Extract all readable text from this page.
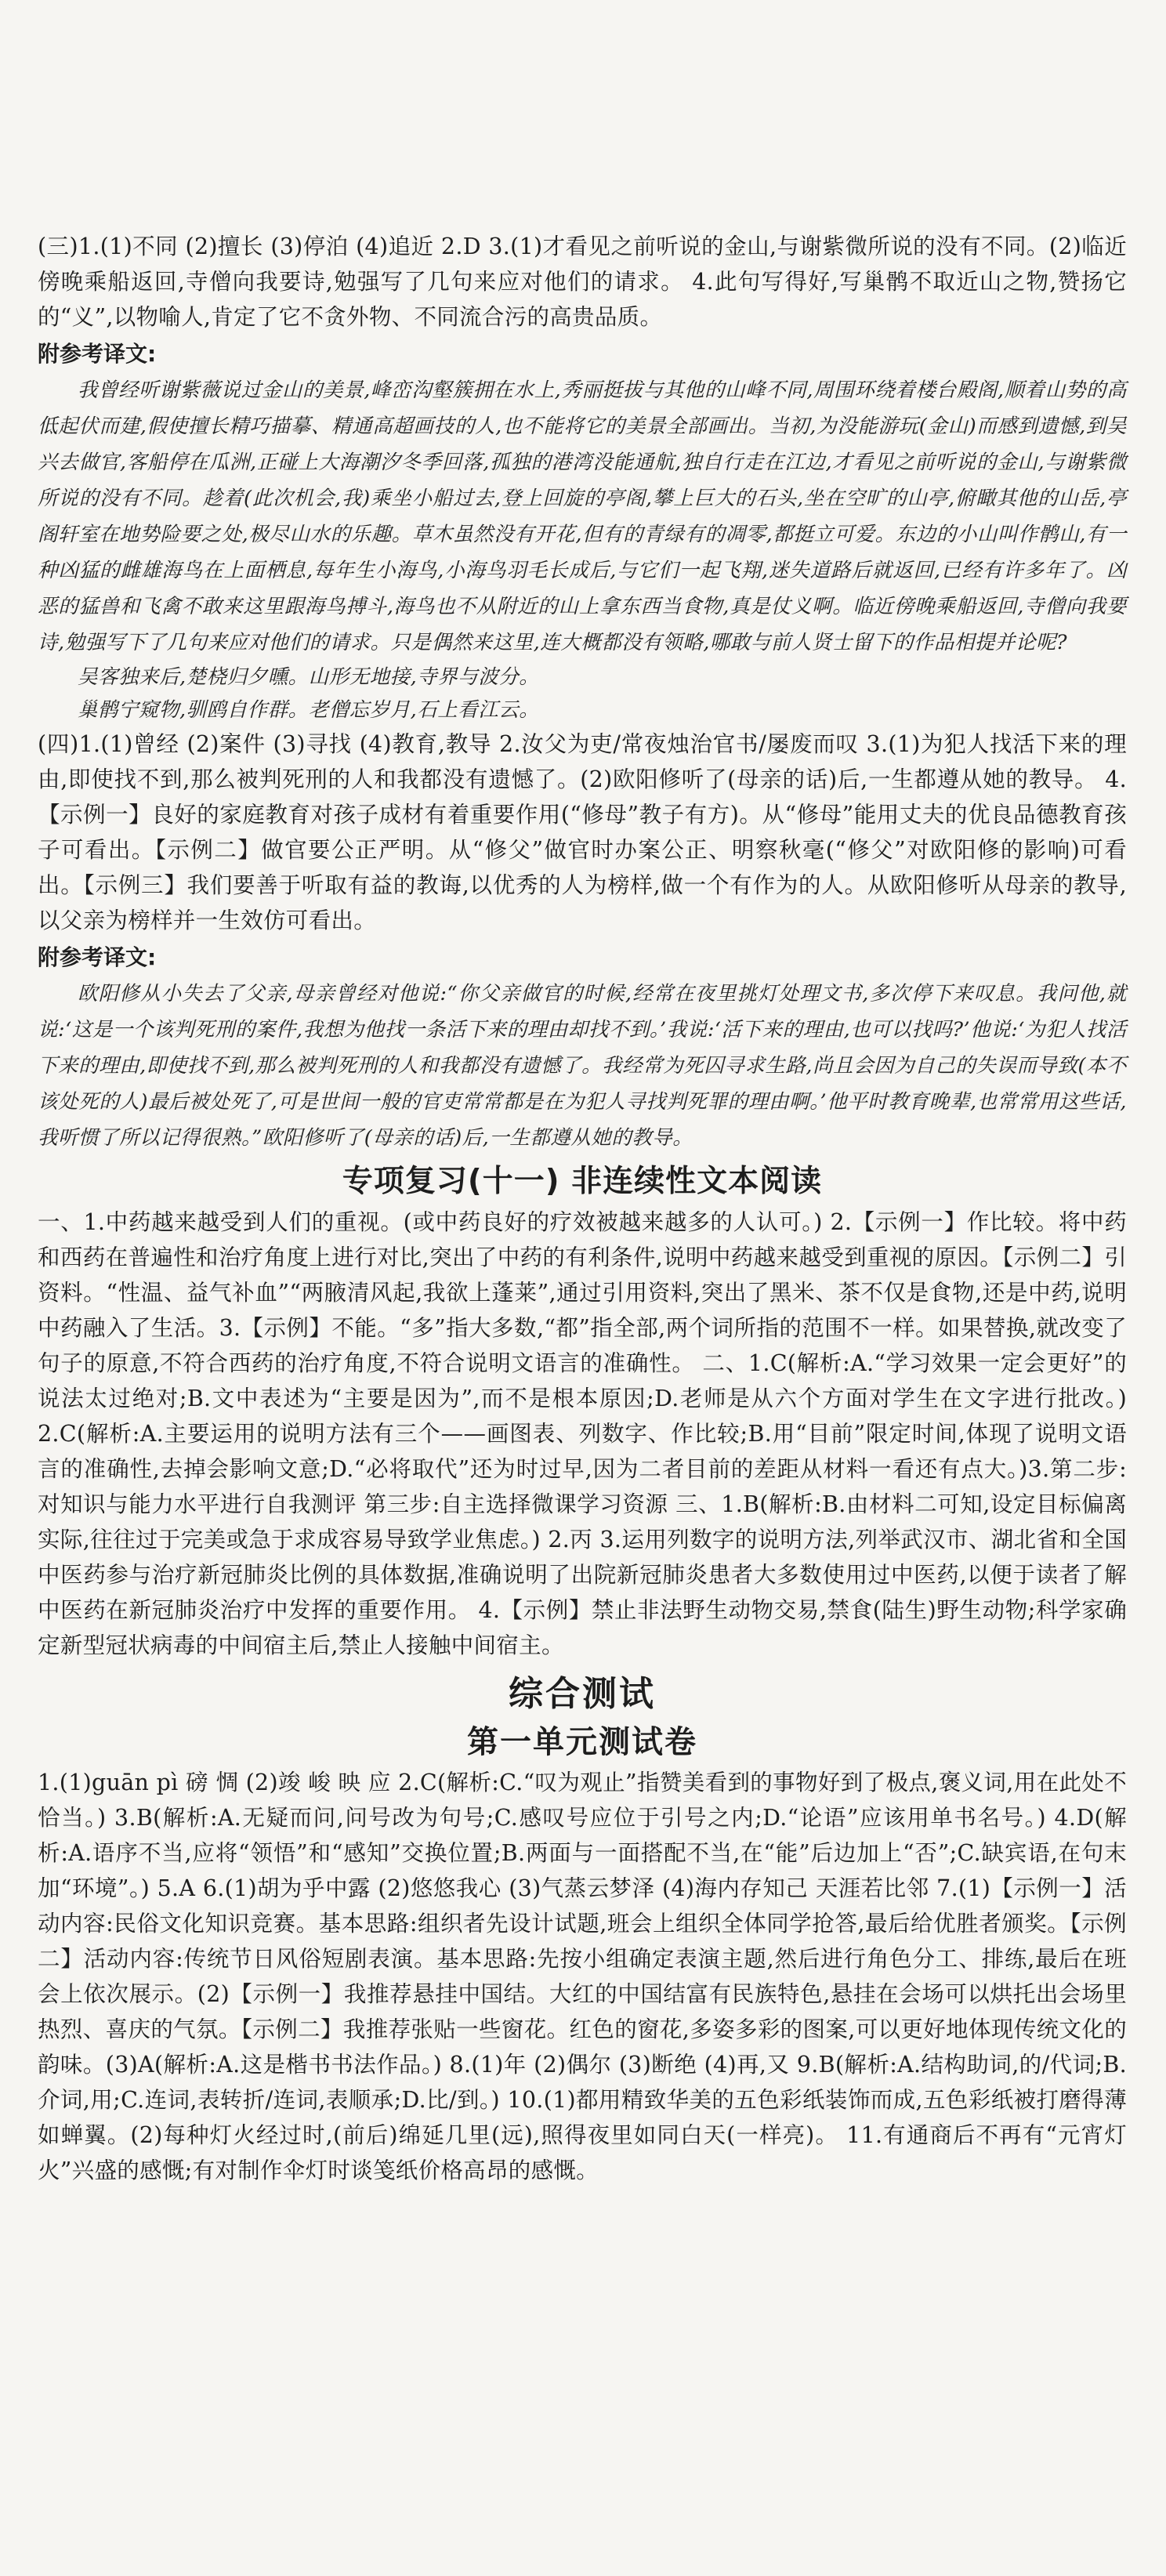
(三)1.(1)不同 (2)擅长 (3)停泊 (4)追近 2.D 3.(1)才看见之前听说的金山,与谢紫微所说的没有不同。(2)临近傍晚乘船返回,寺僧向我要诗,勉强写了几句来应对他们的请求。 4.此句写得好,写巢鹘不取近山之物,赞扬它的“义”,以物喻人,肯定了它不贪外物、不同流合污的高贵品质。

附参考译文:

我曾经听谢紫薇说过金山的美景,峰峦沟壑簇拥在水上,秀丽挺拔与其他的山峰不同,周围环绕着楼台殿阁,顺着山势的高低起伏而建,假使擅长精巧描摹、精通高超画技的人,也不能将它的美景全部画出。当初,为没能游玩(金山)而感到遗憾,到吴兴去做官,客船停在瓜洲,正碰上大海潮汐冬季回落,孤独的港湾没能通航,独自行走在江边,才看见之前听说的金山,与谢紫微所说的没有不同。趁着(此次机会,我)乘坐小船过去,登上回旋的亭阁,攀上巨大的石头,坐在空旷的山亭,俯瞰其他的山岳,亭阁轩室在地势险要之处,极尽山水的乐趣。草木虽然没有开花,但有的青绿有的凋零,都挺立可爱。东边的小山叫作鹘山,有一种凶猛的雌雄海鸟在上面栖息,每年生小海鸟,小海鸟羽毛长成后,与它们一起飞翔,迷失道路后就返回,已经有许多年了。凶恶的猛兽和飞禽不敢来这里跟海鸟搏斗,海鸟也不从附近的山上拿东西当食物,真是仗义啊。临近傍晚乘船返回,寺僧向我要诗,勉强写下了几句来应对他们的请求。只是偶然来这里,连大概都没有领略,哪敢与前人贤士留下的作品相提并论呢?

吴客独来后,楚桡归夕曛。山形无地接,寺界与波分。

巢鹘宁窥物,驯鸥自作群。老僧忘岁月,石上看江云。

(四)1.(1)曾经 (2)案件 (3)寻找 (4)教育,教导 2.汝父为吏/常夜烛治官书/屡废而叹 3.(1)为犯人找活下来的理由,即使找不到,那么被判死刑的人和我都没有遗憾了。(2)欧阳修听了(母亲的话)后,一生都遵从她的教导。 4.【示例一】良好的家庭教育对孩子成材有着重要作用(“修母”教子有方)。从“修母”能用丈夫的优良品德教育孩子可看出。【示例二】做官要公正严明。从“修父”做官时办案公正、明察秋毫(“修父”对欧阳修的影响)可看出。【示例三】我们要善于听取有益的教诲,以优秀的人为榜样,做一个有作为的人。从欧阳修听从母亲的教导,以父亲为榜样并一生效仿可看出。

附参考译文:

欧阳修从小失去了父亲,母亲曾经对他说:“你父亲做官的时候,经常在夜里挑灯处理文书,多次停下来叹息。我问他,就说:‘这是一个该判死刑的案件,我想为他找一条活下来的理由却找不到。’我说:‘活下来的理由,也可以找吗?’他说:‘为犯人找活下来的理由,即使找不到,那么被判死刑的人和我都没有遗憾了。我经常为死囚寻求生路,尚且会因为自己的失误而导致(本不该处死的人)最后被处死了,可是世间一般的官吏常常都是在为犯人寻找判死罪的理由啊。’他平时教育晚辈,也常常用这些话,我听惯了所以记得很熟。”欧阳修听了(母亲的话)后,一生都遵从她的教导。

专项复习(十一) 非连续性文本阅读

一、1.中药越来越受到人们的重视。(或中药良好的疗效被越来越多的人认可。) 2.【示例一】作比较。将中药和西药在普遍性和治疗角度上进行对比,突出了中药的有利条件,说明中药越来越受到重视的原因。【示例二】引资料。“性温、益气补血”“两腋清风起,我欲上蓬莱”,通过引用资料,突出了黑米、茶不仅是食物,还是中药,说明中药融入了生活。3.【示例】不能。“多”指大多数,“都”指全部,两个词所指的范围不一样。如果替换,就改变了句子的原意,不符合西药的治疗角度,不符合说明文语言的准确性。 二、1.C(解析:A.“学习效果一定会更好”的说法太过绝对;B.文中表述为“主要是因为”,而不是根本原因;D.老师是从六个方面对学生在文字进行批改。) 2.C(解析:A.主要运用的说明方法有三个——画图表、列数字、作比较;B.用“目前”限定时间,体现了说明文语言的准确性,去掉会影响文意;D.“必将取代”还为时过早,因为二者目前的差距从材料一看还有点大。)3.第二步:对知识与能力水平进行自我测评 第三步:自主选择微课学习资源 三、1.B(解析:B.由材料二可知,设定目标偏离实际,往往过于完美或急于求成容易导致学业焦虑。) 2.丙 3.运用列数字的说明方法,列举武汉市、湖北省和全国中医药参与治疗新冠肺炎比例的具体数据,准确说明了出院新冠肺炎患者大多数使用过中医药,以便于读者了解中医药在新冠肺炎治疗中发挥的重要作用。 4.【示例】禁止非法野生动物交易,禁食(陆生)野生动物;科学家确定新型冠状病毒的中间宿主后,禁止人接触中间宿主。

综合测试

第一单元测试卷

1.(1)guān pì 磅 惆 (2)竣 峻 映 应 2.C(解析:C.“叹为观止”指赞美看到的事物好到了极点,褒义词,用在此处不恰当。) 3.B(解析:A.无疑而问,问号改为句号;C.感叹号应位于引号之内;D.“论语”应该用单书名号。) 4.D(解析:A.语序不当,应将“领悟”和“感知”交换位置;B.两面与一面搭配不当,在“能”后边加上“否”;C.缺宾语,在句末加“环境”。) 5.A 6.(1)胡为乎中露 (2)悠悠我心 (3)气蒸云梦泽 (4)海内存知己 天涯若比邻 7.(1)【示例一】活动内容:民俗文化知识竞赛。基本思路:组织者先设计试题,班会上组织全体同学抢答,最后给优胜者颁奖。【示例二】活动内容:传统节日风俗短剧表演。基本思路:先按小组确定表演主题,然后进行角色分工、排练,最后在班会上依次展示。(2)【示例一】我推荐悬挂中国结。大红的中国结富有民族特色,悬挂在会场可以烘托出会场里热烈、喜庆的气氛。【示例二】我推荐张贴一些窗花。红色的窗花,多姿多彩的图案,可以更好地体现传统文化的韵味。(3)A(解析:A.这是楷书书法作品。) 8.(1)年 (2)偶尔 (3)断绝 (4)再,又 9.B(解析:A.结构助词,的/代词;B.介词,用;C.连词,表转折/连词,表顺承;D.比/到。) 10.(1)都用精致华美的五色彩纸装饰而成,五色彩纸被打磨得薄如蝉翼。(2)每种灯火经过时,(前后)绵延几里(远),照得夜里如同白天(一样亮)。 11.有通商后不再有“元宵灯火”兴盛的感慨;有对制作伞灯时谈笺纸价格高昂的感慨。
